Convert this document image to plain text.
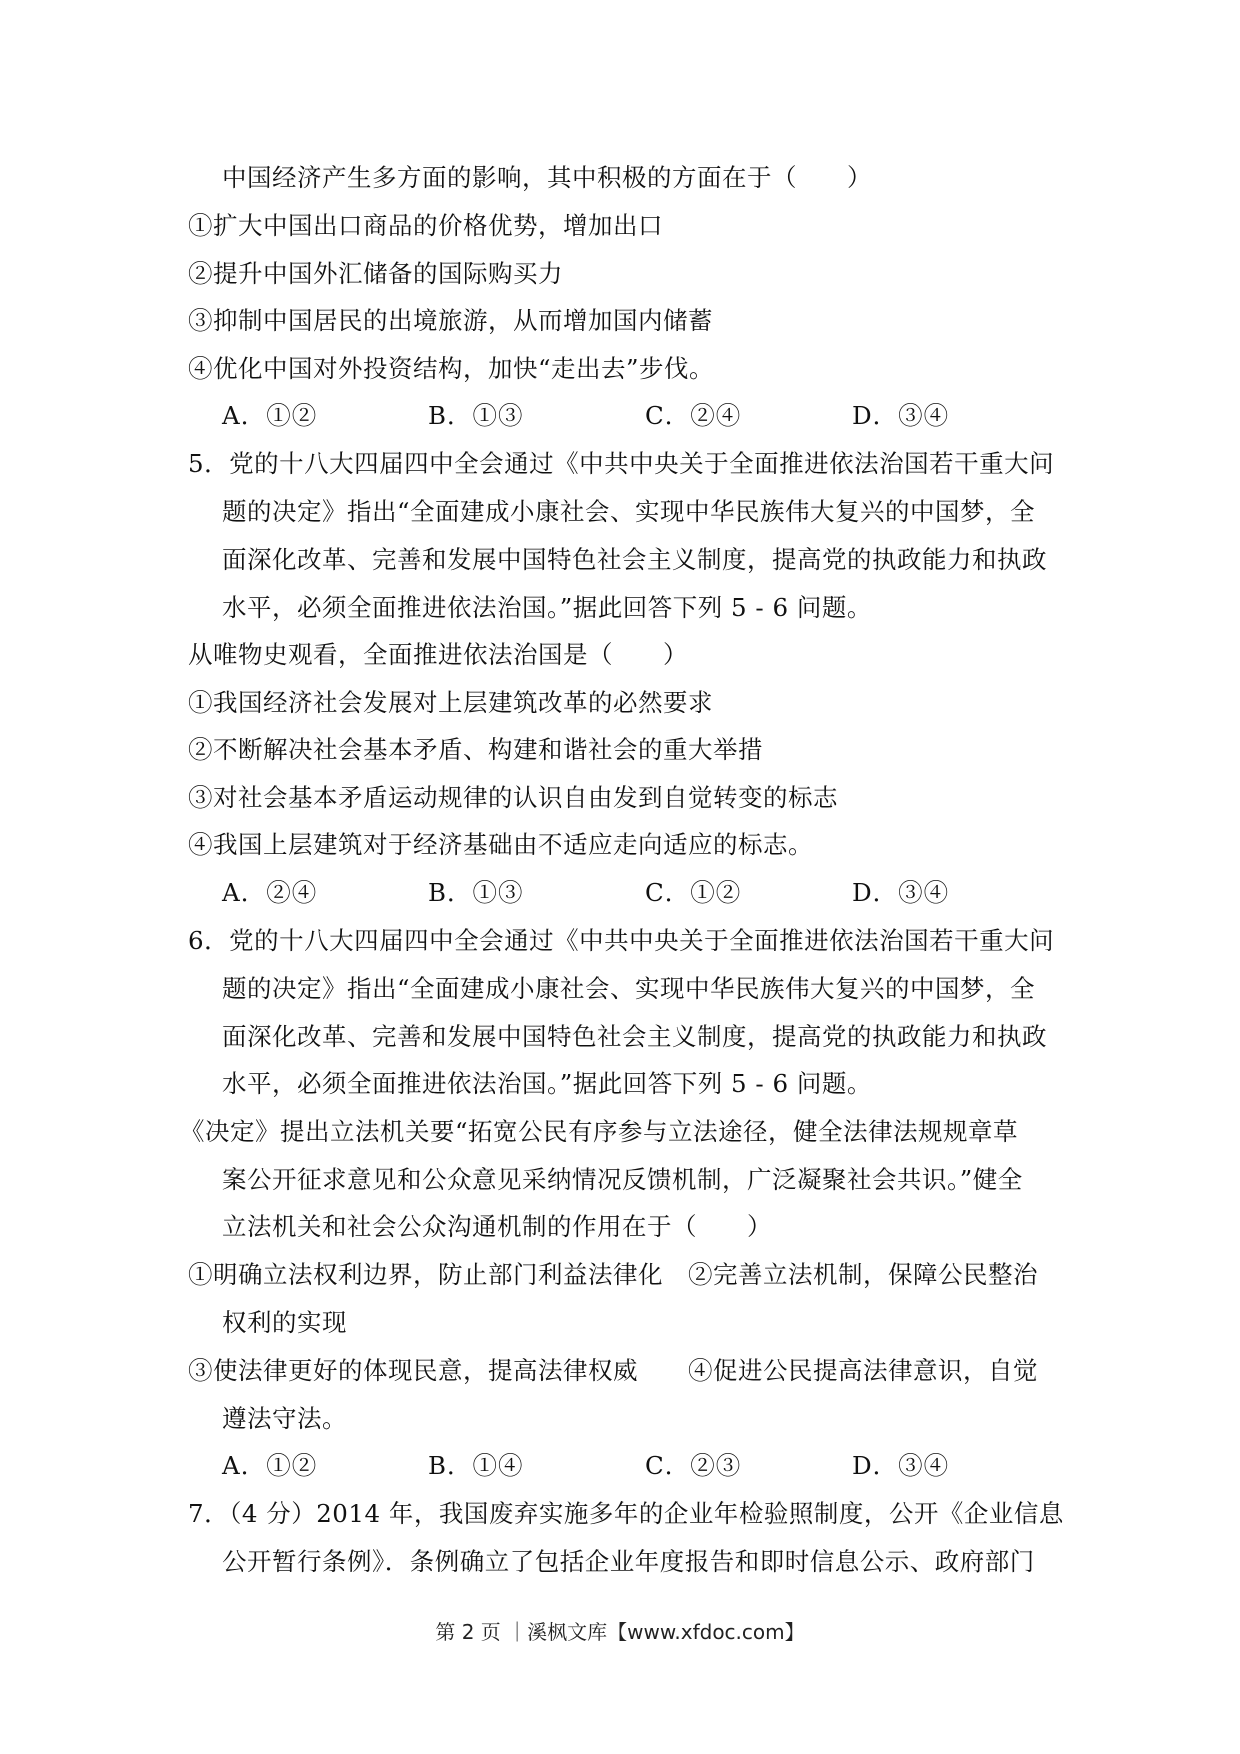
中国经济产生多方面的影响，其中积极的方面在于（　　）
①扩大中国出口商品的价格优势，增加出口
②提升中国外汇储备的国际购买力
③抑制中国居民的出境旅游，从而增加国内储蓄
④优化中国对外投资结构，加快“走出去”步伐。
A．①②	B．①③	C．②④	D．③④
5．党的十八大四届四中全会通过《中共中央关于全面推进依法治国若干重大问
题的决定》指出“全面建成小康社会、实现中华民族伟大复兴的中国梦，全
面深化改革、完善和发展中国特色社会主义制度，提高党的执政能力和执政
水平，必须全面推进依法治国。”据此回答下列 5 - 6 问题。
从唯物史观看，全面推进依法治国是（　　）
①我国经济社会发展对上层建筑改革的必然要求
②不断解决社会基本矛盾、构建和谐社会的重大举措
③对社会基本矛盾运动规律的认识自由发到自觉转变的标志
④我国上层建筑对于经济基础由不适应走向适应的标志。
A．②④	B．①③	C．①②	D．③④
6．党的十八大四届四中全会通过《中共中央关于全面推进依法治国若干重大问
题的决定》指出“全面建成小康社会、实现中华民族伟大复兴的中国梦，全
面深化改革、完善和发展中国特色社会主义制度，提高党的执政能力和执政
水平，必须全面推进依法治国。”据此回答下列 5 - 6 问题。
《决定》提出立法机关要“拓宽公民有序参与立法途径，健全法律法规规章草
案公开征求意见和公众意见采纳情况反馈机制，广泛凝聚社会共识。”健全
立法机关和社会公众沟通机制的作用在于（　　）
①明确立法权利边界，防止部门利益法律化　②完善立法机制，保障公民整治
权利的实现
③使法律更好的体现民意，提高法律权威　　④促进公民提高法律意识，自觉
遵法守法。
A．①②	B．①④	C．②③	D．③④
7．（4 分）2014 年，我国废弃实施多年的企业年检验照制度，公开《企业信息
公开暂行条例》．条例确立了包括企业年度报告和即时信息公示、政府部门
第 2 页 ｜溪枫文库【www.xfdoc.com】
